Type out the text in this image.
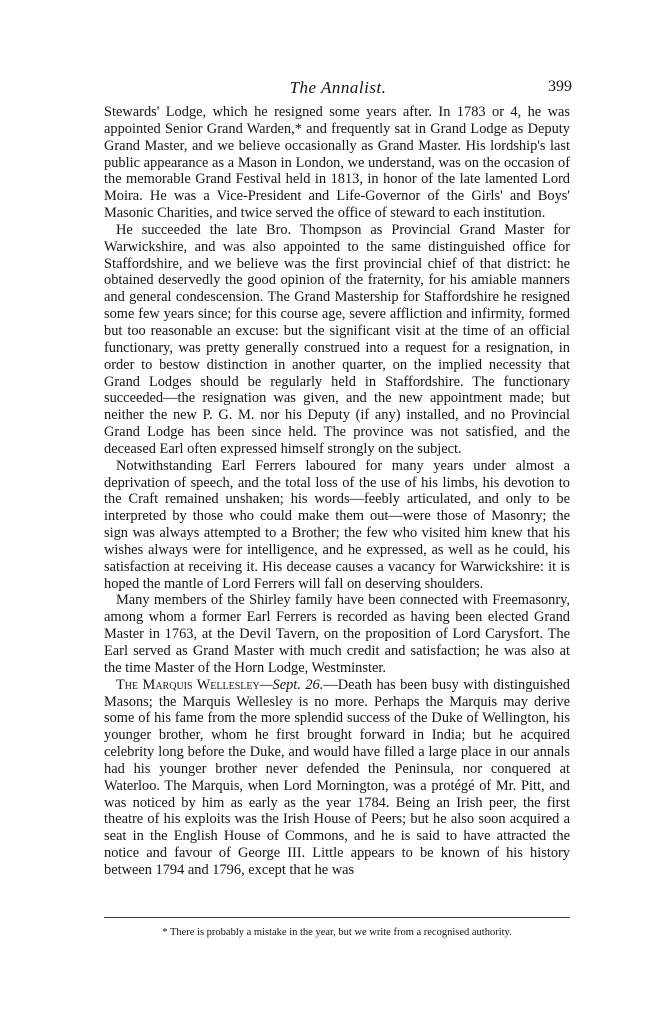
The Annalist.	399

Stewards' Lodge, which he resigned some years after. In 1783 or 4, he was appointed Senior Grand Warden,* and frequently sat in Grand Lodge as Deputy Grand Master, and we believe occasionally as Grand Master. His lordship's last public appearance as a Mason in London, we understand, was on the occasion of the memorable Grand Festival held in 1813, in honor of the late lamented Lord Moira. He was a Vice-President and Life-Governor of the Girls' and Boys' Masonic Charities, and twice served the office of steward to each institution.

He succeeded the late Bro. Thompson as Provincial Grand Master for Warwickshire, and was also appointed to the same distinguished office for Staffordshire, and we believe was the first provincial chief of that district: he obtained deservedly the good opinion of the fraternity, for his amiable manners and general condescension. The Grand Mastership for Staffordshire he resigned some few years since; for this course age, severe affliction and infirmity, formed but too reasonable an excuse: but the significant visit at the time of an official functionary, was pretty generally construed into a request for a resignation, in order to bestow distinction in another quarter, on the implied necessity that Grand Lodges should be regularly held in Staffordshire. The functionary succeeded—the resignation was given, and the new appointment made; but neither the new P. G. M. nor his Deputy (if any) installed, and no Provincial Grand Lodge has been since held. The province was not satisfied, and the deceased Earl often expressed himself strongly on the subject.

Notwithstanding Earl Ferrers laboured for many years under almost a deprivation of speech, and the total loss of the use of his limbs, his devotion to the Craft remained unshaken; his words—feebly articulated, and only to be interpreted by those who could make them out—were those of Masonry; the sign was always attempted to a Brother; the few who visited him knew that his wishes always were for intelligence, and he expressed, as well as he could, his satisfaction at receiving it. His decease causes a vacancy for Warwickshire: it is hoped the mantle of Lord Ferrers will fall on deserving shoulders.

Many members of the Shirley family have been connected with Freemasonry, among whom a former Earl Ferrers is recorded as having been elected Grand Master in 1763, at the Devil Tavern, on the proposition of Lord Carysfort. The Earl served as Grand Master with much credit and satisfaction; he was also at the time Master of the Horn Lodge, Westminster.

The Marquis Wellesley—Sept. 26.—Death has been busy with distinguished Masons; the Marquis Wellesley is no more. Perhaps the Marquis may derive some of his fame from the more splendid success of the Duke of Wellington, his younger brother, whom he first brought forward in India; but he acquired celebrity long before the Duke, and would have filled a large place in our annals had his younger brother never defended the Peninsula, nor conquered at Waterloo. The Marquis, when Lord Mornington, was a protégé of Mr. Pitt, and was noticed by him as early as the year 1784. Being an Irish peer, the first theatre of his exploits was the Irish House of Peers; but he also soon acquired a seat in the English House of Commons, and he is said to have attracted the notice and favour of George III. Little appears to be known of his history between 1794 and 1796, except that he was

* There is probably a mistake in the year, but we write from a recognised authority.
